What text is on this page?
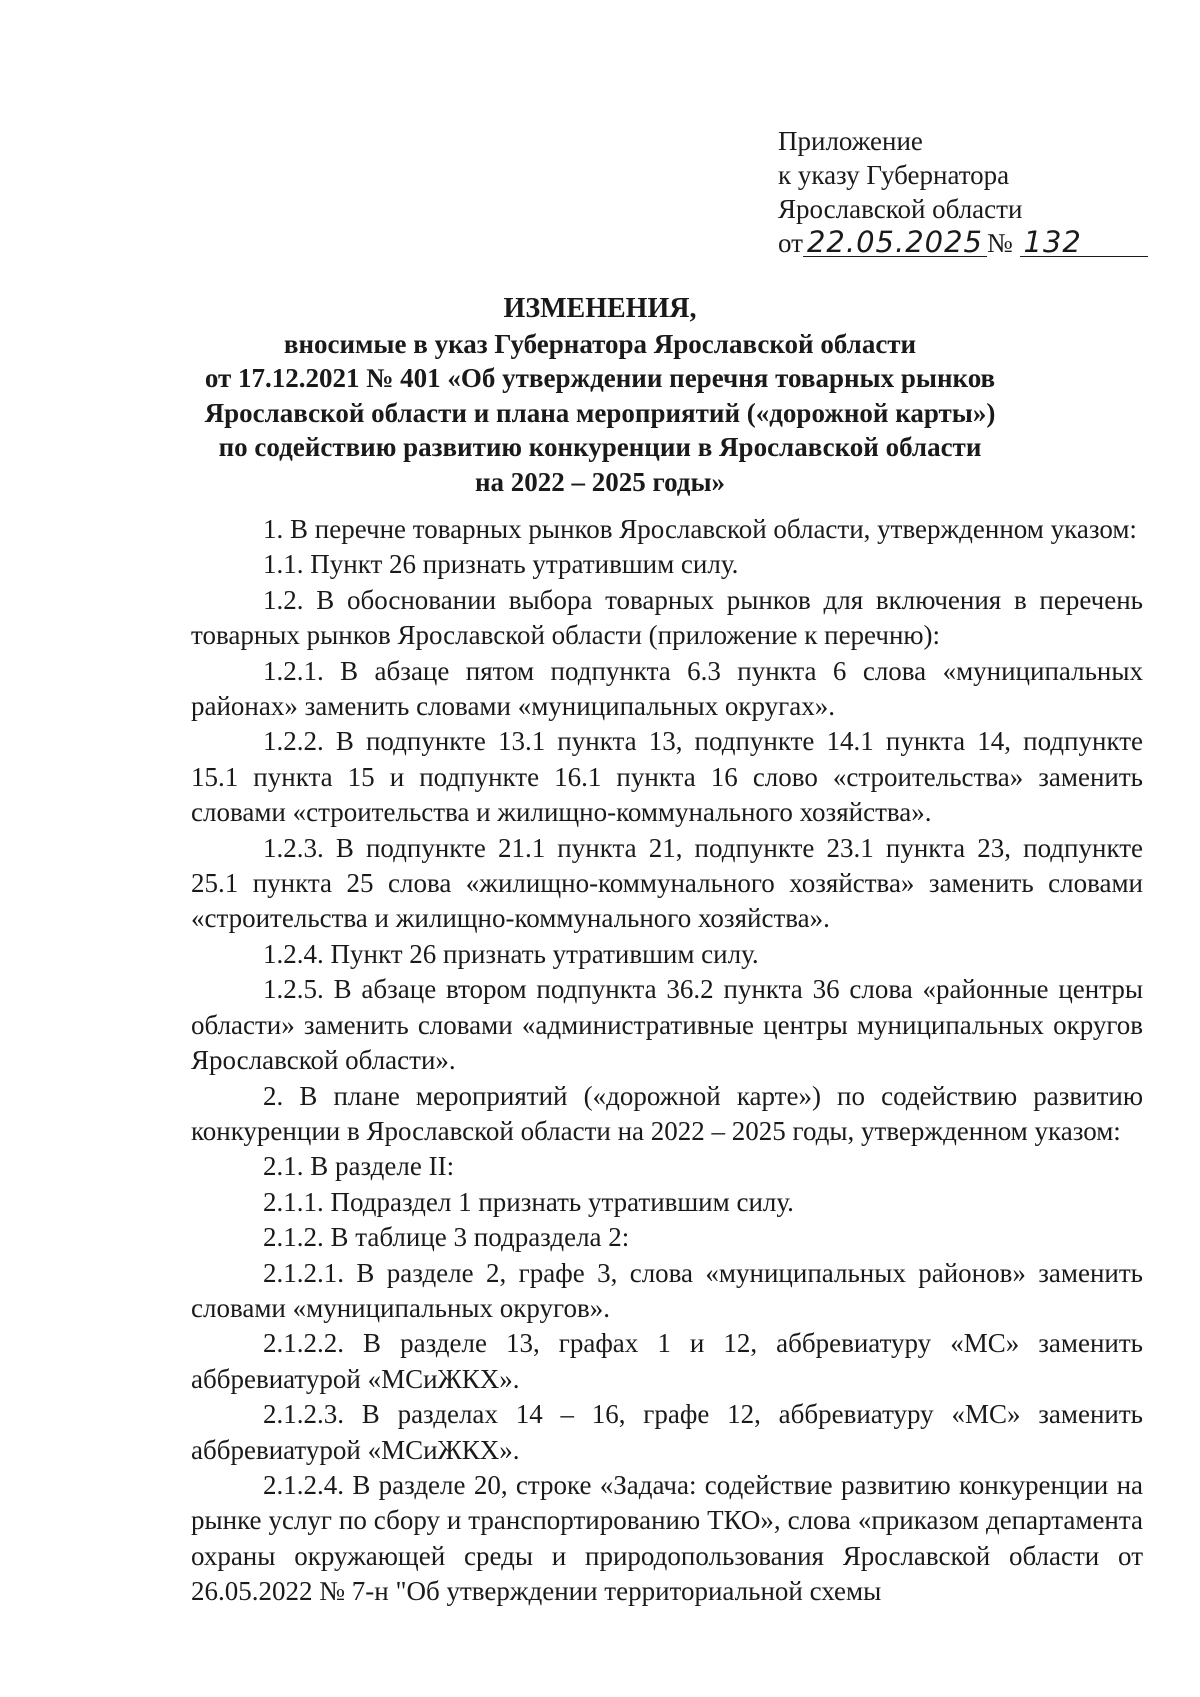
Приложение
к указу Губернатора
Ярославской области
от 22.05.2025 № 132
ИЗМЕНЕНИЯ,
вносимые в указ Губернатора Ярославской области
от 17.12.2021 № 401 «Об утверждении перечня товарных рынков
Ярославской области и плана мероприятий («дорожной карты»)
по содействию развитию конкуренции в Ярославской области
на 2022 – 2025 годы»

1. В перечне товарных рынков Ярославской области, утвержденном указом:

1.1. Пункт 26 признать утратившим силу.

1.2. В обосновании выбора товарных рынков для включения в перечень товарных рынков Ярославской области (приложение к перечню):

1.2.1. В абзаце пятом подпункта 6.3 пункта 6 слова «муниципальных районах» заменить словами «муниципальных округах».

1.2.2. В подпункте 13.1 пункта 13, подпункте 14.1 пункта 14, подпункте 15.1 пункта 15 и подпункте 16.1 пункта 16 слово «строительства» заменить словами «строительства и жилищно-коммунального хозяйства».

1.2.3. В подпункте 21.1 пункта 21, подпункте 23.1 пункта 23, подпункте 25.1 пункта 25 слова «жилищно-коммунального хозяйства» заменить словами «строительства и жилищно-коммунального хозяйства».

1.2.4. Пункт 26 признать утратившим силу.

1.2.5. В абзаце втором подпункта 36.2 пункта 36 слова «районные центры области» заменить словами «административные центры муниципальных округов Ярославской области».

2. В плане мероприятий («дорожной карте») по содействию развитию конкуренции в Ярославской области на 2022 – 2025 годы, утвержденном указом:

2.1. В разделе II:

2.1.1. Подраздел 1 признать утратившим силу.

2.1.2. В таблице 3 подраздела 2:

2.1.2.1. В разделе 2, графе 3, слова «муниципальных районов» заменить словами «муниципальных округов».

2.1.2.2. В разделе 13, графах 1 и 12, аббревиатуру «МС» заменить аббревиатурой «МСиЖКХ».

2.1.2.3. В разделах 14 – 16, графе 12, аббревиатуру «МС» заменить аббревиатурой «МСиЖКХ».

2.1.2.4. В разделе 20, строке «Задача: содействие развитию конкуренции на рынке услуг по сбору и транспортированию ТКО», слова «приказом департамента охраны окружающей среды и природопользования Ярославской области от 26.05.2022 № 7-н "Об утверждении территориальной схемы
